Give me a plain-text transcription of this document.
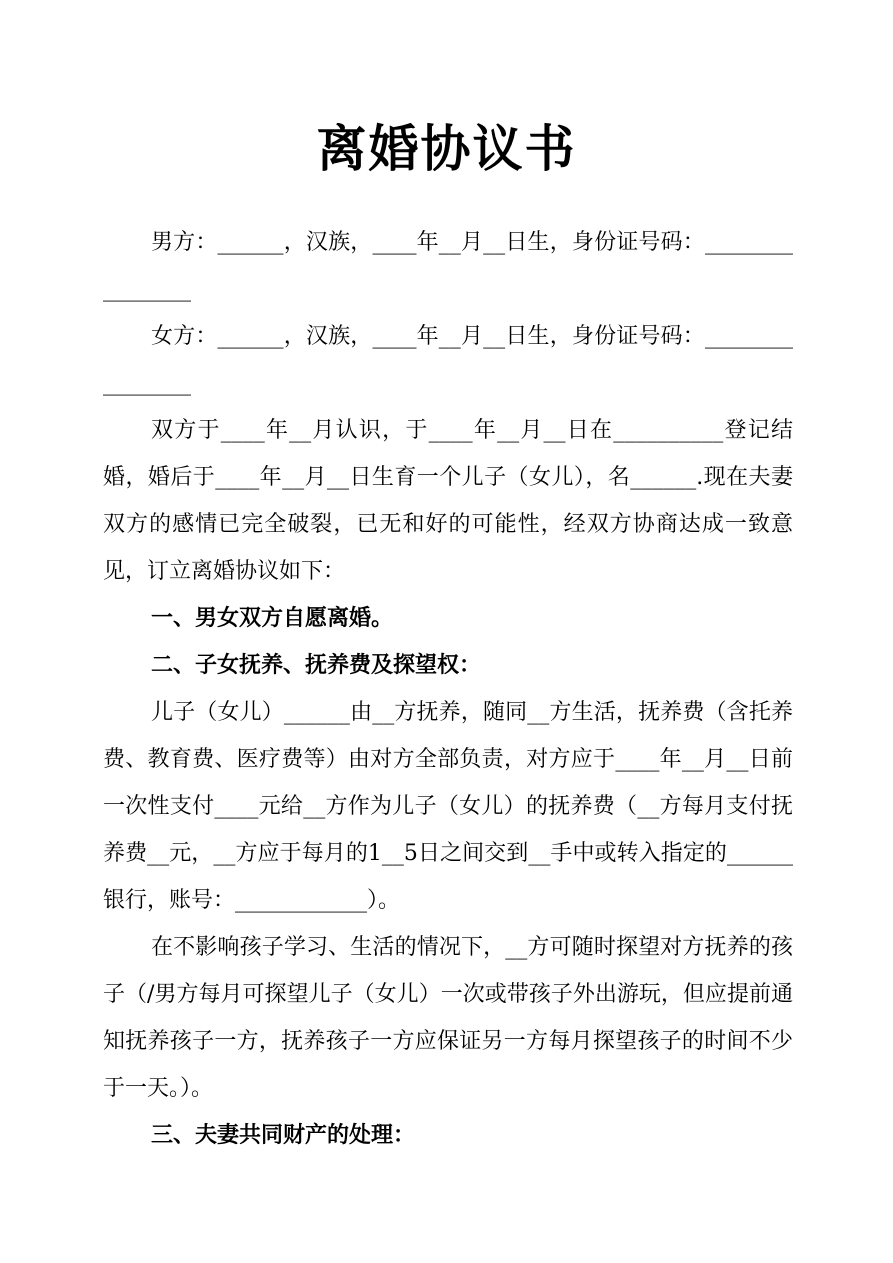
离婚协议书

男方：______，汉族，____年__月__日生，身份证号码：________________

女方：______，汉族，____年__月__日生，身份证号码：________________

双方于____年__月认识，于____年__月__日在__________登记结婚，婚后于____年__月__日生育一个儿子（女儿），名______.现在夫妻双方的感情已完全破裂，已无和好的可能性，经双方协商达成一致意见，订立离婚协议如下：

一、男女双方自愿离婚。

二、子女抚养、抚养费及探望权：

儿子（女儿）______由__方抚养，随同__方生活，抚养费（含托养费、教育费、医疗费等）由对方全部负责，对方应于____年__月__日前一次性支付____元给__方作为儿子（女儿）的抚养费（__方每月支付抚养费__元，__方应于每月的1__5日之间交到__手中或转入指定的______银行，账号：____________）。

在不影响孩子学习、生活的情况下，__方可随时探望对方抚养的孩子（/男方每月可探望儿子（女儿）一次或带孩子外出游玩，但应提前通知抚养孩子一方，抚养孩子一方应保证另一方每月探望孩子的时间不少于一天。）。

三、夫妻共同财产的处理：
